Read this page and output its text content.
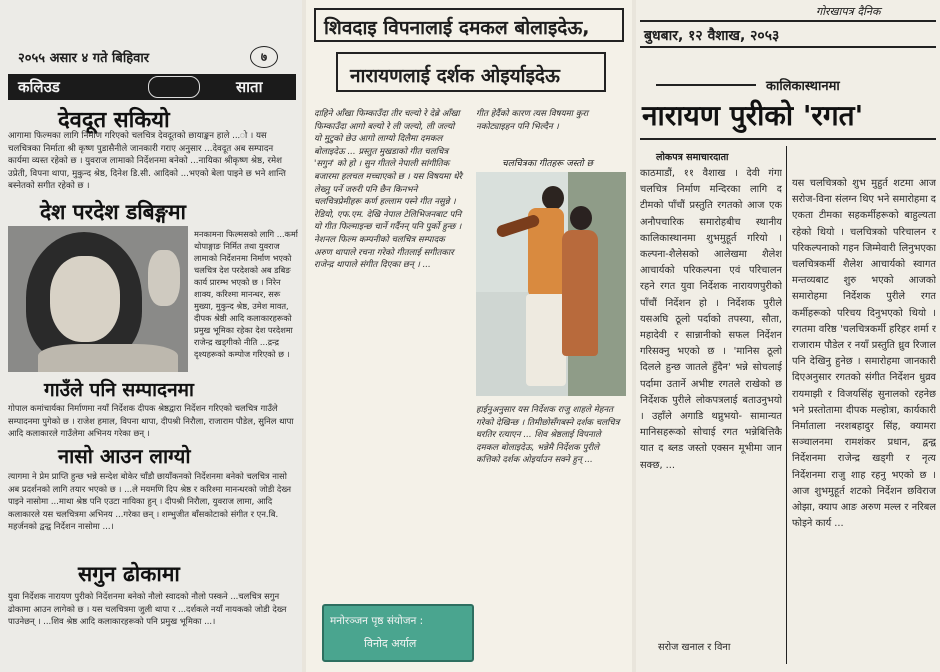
२०५५ असार ४ गते बिहिवार	७
कलिउड	साता
देवदूत सकियो
आगामा फिल्मका लागि निर्माण गरिएको चलचित्र देवदूतको छायाङ्कन हाले ...ो । यस चलचित्रका निर्माता श्री कृष्ण पुडासैनीले जानकारी गराए अनुसार ...देवदूत अब सम्पादन कार्यमा व्यस्त रहेको छ । युवराज लामाको निर्देशनमा बनेको ...नायिका श्रीकृष्ण श्रेष्ठ, रमेश उप्रेती, विपना थापा, मुकुन्द श्रेष्ठ, दिनेश डि.सी. आदिको ...भएको बेला पाइने छ भने शान्ति बस्नेतको सगीत रहेको छ ।
देश परदेश डबिङ्गमा
मनकामना फिल्मसको लागि ...कर्मा थोपाङ्गाङ निर्मित तथा युवराज लामाको निर्देशनमा निर्माण भएको चलचित्र देश परदेशको अब डबिङ कार्य प्रारम्भ भएको छ । निरेन शाक्य, करिश्मा मानन्धर, सरू मुख्या, मुकुन्द श्रेष्ठ, उमेश मावत, दीपक श्रेष्ठी आदि कलाकारहरूको प्रमुख भूमिका रहेका देश परदेशमा राजेन्द्र खड्गीको नीति ...द्रन्द्र दृश्यहरूको कम्पोज गरिएको छ ।
गाउँले पनि सम्पादनमा
गोपाल कमांचार्यका निर्माणमा नयाँ निर्देशक दीपक श्रेष्ठद्वारा निर्देशन गरिएको चलचित्र गाउँले सम्पादनमा पुगेको छ । राजेश हमाल, विपना थापा, दीपश्री निरौला, राजाराम पौडेल, सुनिल थापा आदि कलाकारले गाउँलेमा अभिनय गरेका छन् ।
नासो आउन लाग्यो
त्यागमा ने प्रेम प्राप्ति हुन्छ भन्ने सन्देश बोकेर चाँडौ छायाँकनको निर्देशनमा बनेको चलचित्र नासो अब प्रदर्शनको लागि तयार भएको छ । ...ले मयमणि दिप श्रेष्ठ र करिश्मा मानन्धरको जोडी देख्न पाइने नासोमा ...माथा श्रेष्ठ पनि एउटा नायिका हुन् । दीपश्री निरौला, युवराज लामा, आदि कलाकारले यस चलचित्रमा अभिनय ...गरेका छन् । शम्भुजीत बाँसकोटाको संगीत र एन.बि. महर्जनको द्वन्द्व निर्देशन नासोमा ...।
सगुन ढोकामा
युवा निर्देशक नारायण पुरीको निर्देशनमा बनेको नौलो स्वादको नौलो पस्कने ...चलचित्र सगुन ढोकामा आउन लागेको छ । यस चलचित्रमा जुली थापा र ...दर्शकले नयाँ नायककाे जोडी देख्न पाउनेछन् । ...शिव श्रेष्ठ आदि कलाकारहरूको पनि प्रमुख भूमिका ...।
शिवदाइ विपनालाई दमकल बोलाइदेऊ,
नारायणलाई दर्शक ओइर्याइदेऊ
दाहिने आँखा फिम्काउँदा तीर चल्यो रे देब्रे आँखा फिम्काउँदा आगो बल्यो रे ली जल्यो, ली जल्यो यो मुटुको छेउ आगो लाग्यो दिलैमा दमकल बोलाइदेऊ ... प्रस्तुत मुखडाको गीत चलचित्र 'सगुन' को हो । सुन गीतले नेपाली सांगीतिक बजारमा हलचल मच्चाएको छ । यस विषयमा धेरै लेख्नु पर्ने जरुरी पनि छैन किनभने चलचित्रप्रेमीहरू कर्ण हल्लाम पस्ने गीत नसुन्ने । रेडियो, एफ.एम. देखि नेपाल टेलिभिजनबाट पनि यो गीत फिल्माइन्छ चार्ने गर्दैनन् पनि पुर्को हुन्छ । नेशनल फिल्म कम्पनीको चलचित्र सम्पादक अरुण थापाले रचना गरेको गीतलाई सगीतकार राजेन्द्र थापाले संगीत दिएका छन् । ...
गीत हेर्दैको कारण त्यस विषयमा कुरा नकोट्याइहन पनि भिल्दैन ।
चलचित्रका गीतहरू जस्तो छ
हाईनुअनुसार यस निर्देशक राजु शाहले मेहनत गरेको देखिन्छ । तिमीछोसँगबस्ने दर्शक चलचित्र घरतिर रत्याएन ... शिव श्रेष्ठलाई विपनाले दमकल बोलाइदेऊ, भन्नेमै निर्देशक पुरीले कत्तिको दर्शक ओइर्याउन सक्ने हुन् ...
मनोरञ्जन पृष्ठ संयोजन :
विनोद अर्याल
गोरखापत्र दैनिक
बुधबार, १२ वैशाख, २०५३
कालिकास्थानमा
नारायण पुरीको 'रगत'
लोकपत्र समाचारदाता
काठमाडौं, ११ वैशाख । देवी गंगा चलचित्र निर्माण मन्दिरका लागि द टीमको पाँचौं प्रस्तुति रगतको आज एक अनौपचारिक समारोहबीच स्थानीय कालिकास्थानमा शुभमुहूर्त गरियो । कल्पना-शैलेसको आलेखमा शैलेश आचार्यको परिकल्पना एवं परिचालन रहने रगत युवा निर्देशक नारायणपुरीको पाँचौं निर्देशन हो । निर्देशक पुरीले यसअघि ठूलो पर्दाको तपस्या, सौता, महादेवी र सान्नानीको सफल निर्देशन गरिसक्नु भएको छ । 'मानिस ठूलो दिलले हुन्छ जातले हुँदैन' भन्ने सोचलाई पर्दामा उतार्ने अभीष्ट रगतले राखेको छ निर्देशक पुरीले लोकपत्रलाई बताउनुभयो । उहाँले अगाडि थप्नुभयो- सामान्यत मानिसहरूको सोचाई रगत भन्नेबित्तिकै यात द ब्लड जस्तो एक्सन मूभीमा जान सक्छ, ...
सरोज खनाल र विना
यस चलचित्रको शुभ मुहुर्त शटमा आज सरोज-विना संलग्न थिए भने समारोहमा द एकता टीमका सहकर्मीहरूको बाहुल्यता रहेको थियो । चलचित्रको परिचालन र परिकल्पनाको गहन जिम्मेवारी लिनुभएका चलचित्रकर्मी शैलेश आचार्यको स्वागत मन्तव्यबाट शुरु भएको आजको समारोहमा निर्देशक पुरीले रगत कर्मीहरूको परिचय दिनुभएको थियो । रगतमा वरिष्ठ 'चलचित्रकर्मी हरिहर शर्मा र राजाराम पौडेल र नयाँ प्रस्तुति ध्रुव रिजाल पनि देखिनु हुनेछ । समारोहमा जानकारी दिएअनुसार रगतको संगीत निर्देशन धुव्रव रायमाझी र विजयसिंह सुनालको रहनेछ भने प्रस्तोतामा दीपक मल्होत्रा, कार्यकारी निर्माताला नरशबहादुर सिंह, क्यामरा सञ्चालनमा रामशंकर प्रधान, द्वन्द्व निर्देशनमा राजेन्द्र खड्गी र नृत्य निर्देशनमा राजु शाह रहनु भएको छ । आज शुभमुहूर्त शटको निर्देशन छविराज ओझा, क्याप आङ अरुण मल्ल र नरिबल फोइने कार्य ...
